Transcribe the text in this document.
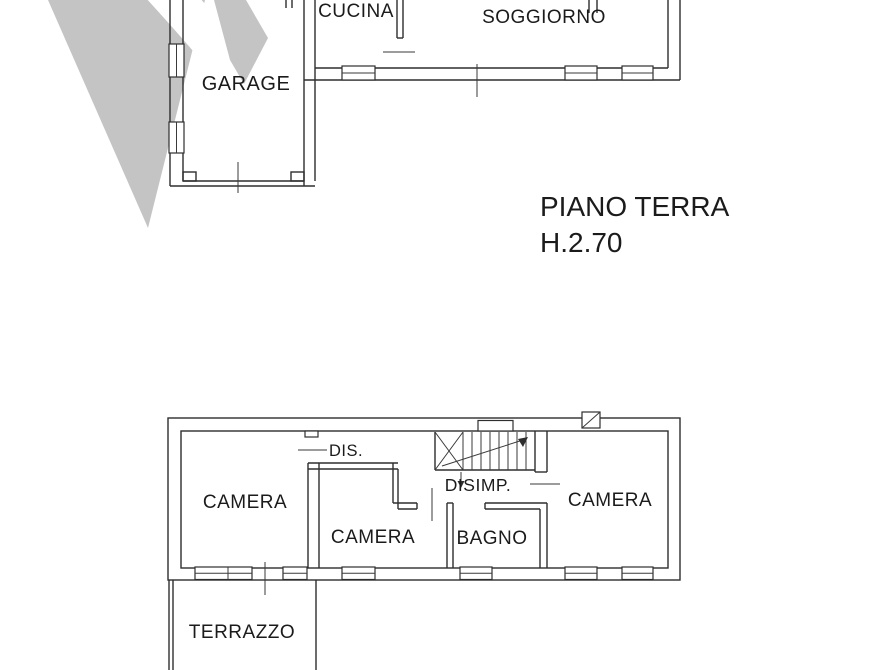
CUCINA	SOGGIORNO
GARAGE
PIANO TERRA
H.2.70
DIS.
CAMERA
DISIMP.
CAMERA BAGNO
CAMERA
TERRAZZO
